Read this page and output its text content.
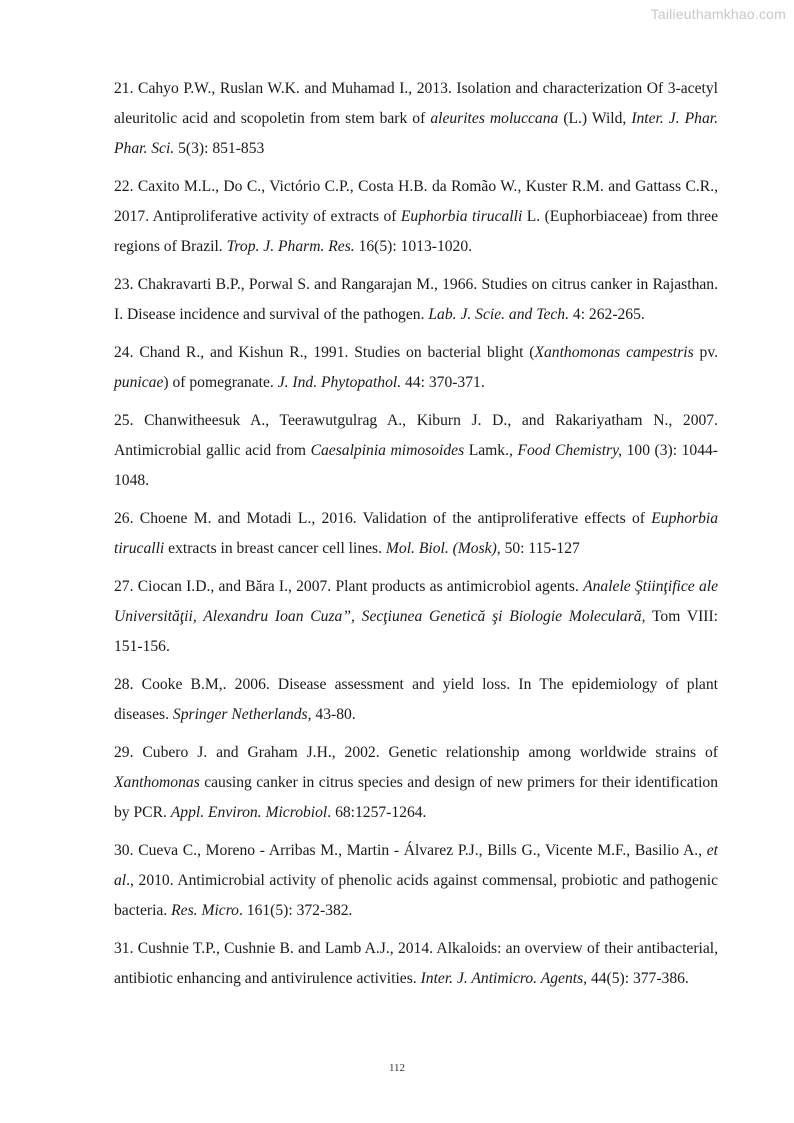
Tailieuthamkhao.com

21. Cahyo P.W., Ruslan W.K. and Muhamad I., 2013. Isolation and characterization Of 3-acetyl aleuritolic acid and scopoletin from stem bark of aleurites moluccana (L.) Wild, Inter. J. Phar. Phar. Sci. 5(3): 851-853

22. Caxito M.L., Do C., Victório C.P., Costa H.B. da Romão W., Kuster R.M. and Gattass C.R., 2017. Antiproliferative activity of extracts of Euphorbia tirucalli L. (Euphorbiaceae) from three regions of Brazil. Trop. J. Pharm. Res. 16(5): 1013-1020.

23. Chakravarti B.P., Porwal S. and Rangarajan M., 1966. Studies on citrus canker in Rajasthan. I. Disease incidence and survival of the pathogen. Lab. J. Scie. and Tech. 4: 262-265.

24. Chand R., and Kishun R., 1991. Studies on bacterial blight (Xanthomonas campestris pv. punicae) of pomegranate. J. Ind. Phytopathol. 44: 370-371.

25. Chanwitheesuk A., Teerawutgulrag A., Kiburn J. D., and Rakariyatham N., 2007. Antimicrobial gallic acid from Caesalpinia mimosoides Lamk., Food Chemistry, 100 (3): 1044-1048.

26. Choene M. and Motadi L., 2016. Validation of the antiproliferative effects of Euphorbia tirucalli extracts in breast cancer cell lines. Mol. Biol. (Mosk), 50: 115-127

27. Ciocan I.D., and Băra I., 2007. Plant products as antimicrobiol agents. Analele Ştiinţifice ale Universităţii, Alexandru Ioan Cuza”, Secţiunea Genetică şi Biologie Moleculară, Tom VIII: 151-156.

28. Cooke B.M,. 2006. Disease assessment and yield loss. In The epidemiology of plant diseases. Springer Netherlands, 43-80.

29. Cubero J. and Graham J.H., 2002. Genetic relationship among worldwide strains of Xanthomonas causing canker in citrus species and design of new primers for their identification by PCR. Appl. Environ. Microbiol. 68:1257-1264.

30. Cueva C., Moreno - Arribas M., Martin - Álvarez P.J., Bills G., Vicente M.F., Basilio A., et al., 2010. Antimicrobial activity of phenolic acids against commensal, probiotic and pathogenic bacteria. Res. Micro. 161(5): 372-382.

31. Cushnie T.P., Cushnie B. and Lamb A.J., 2014. Alkaloids: an overview of their antibacterial, antibiotic enhancing and antivirulence activities. Inter. J. Antimicro. Agents, 44(5): 377-386.

112
